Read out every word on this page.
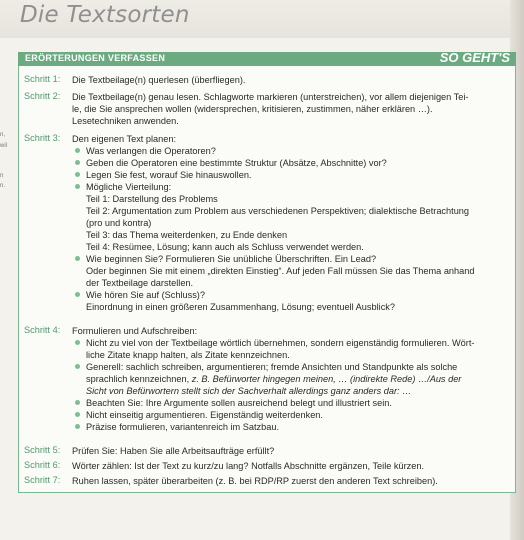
Die Textsorten
n,
wil
n
n.
ERÖRTERUNGEN VERFASSEN	SO GEHT'S
Schritt 1:	Die Textbeilage(n) querlesen (überfliegen).
Schritt 2:	Die Textbeilage(n) genau lesen. Schlagworte markieren (unterstreichen), vor allem diejenigen Tei-
le, die Sie ansprechen wollen (widersprechen, kritisieren, zustimmen, näher erklären …).
Lesetechniken anwenden.
Schritt 3:	Den eigenen Text planen:
Was verlangen die Operatoren?
Geben die Operatoren eine bestimmte Struktur (Absätze, Abschnitte) vor?
Legen Sie fest, worauf Sie hinauswollen.
Mögliche Vierteilung:
Teil 1: Darstellung des Problems
Teil 2: Argumentation zum Problem aus verschiedenen Perspektiven; dialektische Betrachtung
(pro und kontra)
Teil 3: das Thema weiterdenken, zu Ende denken
Teil 4: Resümee, Lösung; kann auch als Schluss verwendet werden.
Wie beginnen Sie? Formulieren Sie unübliche Überschriften. Ein Lead?
Oder beginnen Sie mit einem „direkten Einstieg“. Auf jeden Fall müssen Sie das Thema anhand
der Textbeilage darstellen.
Wie hören Sie auf (Schluss)?
Einordnung in einen größeren Zusammenhang, Lösung; eventuell Ausblick?
Schritt 4:	Formulieren und Aufschreiben:
Nicht zu viel von der Textbeilage wörtlich übernehmen, sondern eigenständig formulieren. Wört-
liche Zitate knapp halten, als Zitate kennzeichnen.
Generell: sachlich schreiben, argumentieren; fremde Ansichten und Standpunkte als solche
sprachlich kennzeichnen, z. B. Befürworter hingegen meinen, … (indirekte Rede) …/Aus der
Sicht von Befürwortern stellt sich der Sachverhalt allerdings ganz anders dar: …
Beachten Sie: Ihre Argumente sollen ausreichend belegt und illustriert sein.
Nicht einseitig argumentieren. Eigenständig weiterdenken.
Präzise formulieren, variantenreich im Satzbau.
Schritt 5:	Prüfen Sie: Haben Sie alle Arbeitsaufträge erfüllt?
Schritt 6:	Wörter zählen: Ist der Text zu kurz/zu lang? Notfalls Abschnitte ergänzen, Teile kürzen.
Schritt 7:	Ruhen lassen, später überarbeiten (z. B. bei RDP/RP zuerst den anderen Text schreiben).
